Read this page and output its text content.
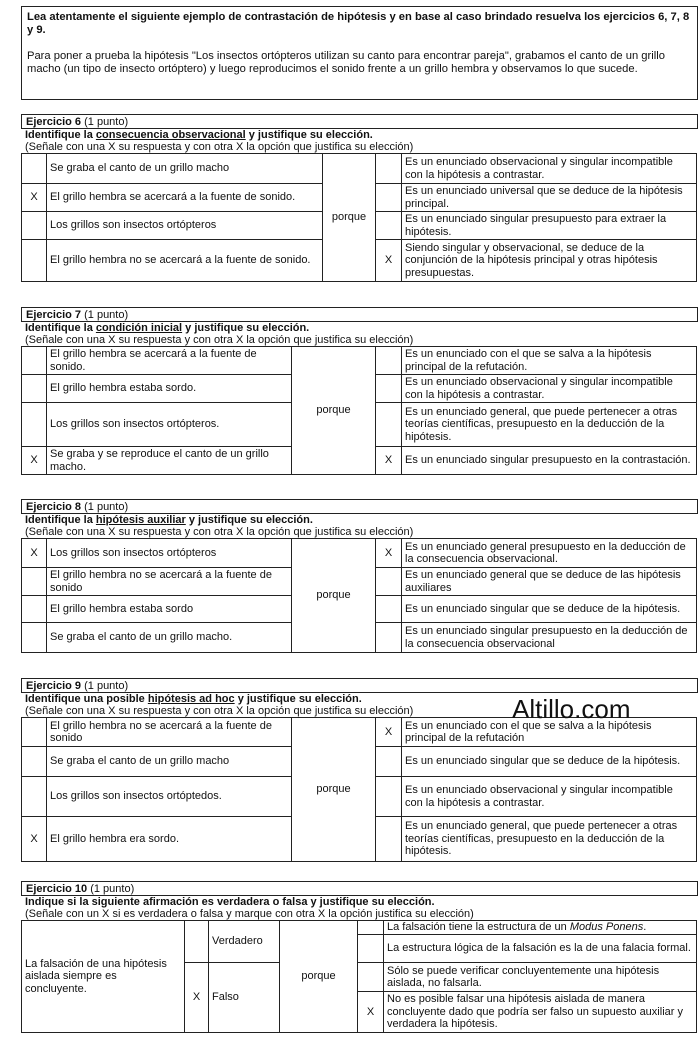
Lea atentamente el siguiente ejemplo de contrastación de hipótesis y en base al caso brindado resuelva los ejercicios 6, 7, 8 y 9.
Para poner a prueba la hipótesis "Los insectos ortópteros utilizan su canto para encontrar pareja", grabamos el canto de un grillo macho (un tipo de insecto ortóptero) y luego reproducimos el sonido frente a un grillo hembra y observamos lo que sucede.
Ejercicio 6 (1 punto)
Identifique la consecuencia observacional y justifique su elección.
(Señale con una X su respuesta y con otra X la opción que justifica su elección)
	Se graba el canto de un grillo macho	porque		Es un enunciado observacional y singular incompatible con la hipótesis a contrastar.
X	El grillo hembra se acercará a la fuente de sonido.			Es un enunciado universal que se deduce de la hipótesis principal.
	Los grillos son insectos ortópteros			Es un enunciado singular presupuesto para extraer la hipótesis.
	El grillo hembra no se acercará a la fuente de sonido.		X	Siendo singular y observacional, se deduce de la conjunción de la hipótesis principal y otras hipótesis presupuestas.
Ejercicio 7 (1 punto)
Identifique la condición inicial y justifique su elección.
(Señale con una X su respuesta y con otra X la opción que justifica su elección)
	El grillo hembra se acercará a la fuente de sonido.	porque		Es un enunciado con el que se salva a la hipótesis principal de la refutación.
	El grillo hembra estaba sordo.			Es un enunciado observacional y singular incompatible con la hipótesis a contrastar.
	Los grillos son insectos ortópteros.			Es un enunciado general, que puede pertenecer a otras teorías científicas, presupuesto en la deducción de la hipótesis.
X	Se graba y se reproduce el canto de un grillo macho.		X	Es un enunciado singular presupuesto en la contrastación.
Ejercicio 8 (1 punto)
Identifique la hipótesis auxiliar y justifique su elección.
(Señale con una X su respuesta y con otra X la opción que justifica su elección)
X	Los grillos son insectos ortópteros	porque	X	Es un enunciado general presupuesto en la deducción de la consecuencia observacional.
	El grillo hembra no se acercará a la fuente de sonido			Es un enunciado general que se deduce de las hipótesis auxiliares
	El grillo hembra estaba sordo			Es un enunciado singular que se deduce de la hipótesis.
	Se graba el canto de un grillo macho.			Es un enunciado singular presupuesto en la deducción de la consecuencia observacional
Ejercicio 9 (1 punto)
Identifique una posible hipótesis ad hoc y justifique su elección.
(Señale con una X su respuesta y con otra X la opción que justifica su elección)
	El grillo hembra no se acercará a la fuente de sonido	porque	X	Es un enunciado con el que se salva a la hipótesis principal de la refutación
	Se graba el canto de un grillo macho			Es un enunciado singular que se deduce de la hipótesis.
	Los grillos son insectos ortóptedos.			Es un enunciado observacional y singular incompatible con la hipótesis a contrastar.
X	El grillo hembra era sordo.			Es un enunciado general, que puede pertenecer a otras teorías científicas, presupuesto en la deducción de la hipótesis.
Altillo.com
Ejercicio 10 (1 punto)
Indique si la siguiente afirmación es verdadera o falsa y justifique su elección.
(Señale con un X si es verdadera o falsa y marque con otra X la opción justifica su elección)
La falsación de una hipótesis aislada siempre es concluyente.		Verdadero	porque		La falsación tiene la estructura de un Modus Ponens.
					La estructura lógica de la falsación es la de una falacia formal.
	X	Falso			Sólo se puede verificar concluyentemente una hipótesis aislada, no falsarla.
				X	No es posible falsar una hipótesis aislada de manera concluyente dado que podría ser falso un supuesto auxiliar y verdadera la hipótesis.
